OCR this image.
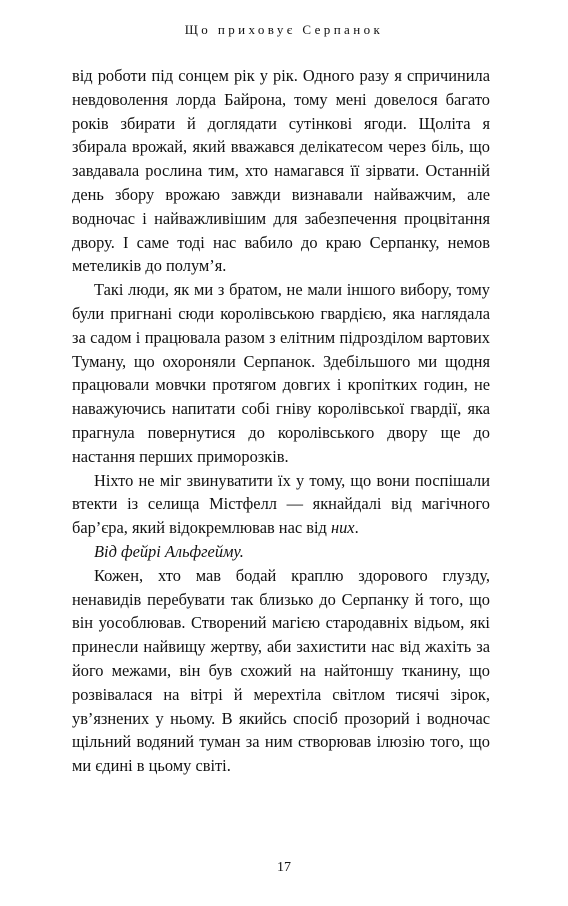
Що приховує Серпанок

від роботи під сонцем рік у рік. Одного разу я спричинила невдоволення лорда Байрона, тому мені довелося багато років збирати й доглядати сутінкові ягоди. Щоліта я збирала врожай, який вважався делікатесом через біль, що завдавала рослина тим, хто намагався її зірвати. Останній день збору врожаю завжди визнавали найважчим, але водночас і найважливішим для забезпечення процвітання двору. І саме тоді нас вабило до краю Серпанку, немов метеликів до полум’я.

Такі люди, як ми з братом, не мали іншого вибору, тому були пригнані сюди королівською гвардією, яка наглядала за садом і працювала разом з елітним підрозділом вартових Туману, що охороняли Серпанок. Здебільшого ми щодня працювали мовчки протягом довгих і кропітких годин, не наважуючись напитати собі гніву королівської гвардії, яка прагнула повернутися до королівського двору ще до настання перших приморозків.

Ніхто не міг звинуватити їх у тому, що вони поспішали втекти із селища Містфелл — якнайдалі від магічного бар’єра, який відокремлював нас від них.

Від фейрі Альфгейму.

Кожен, хто мав бодай краплю здорового глузду, ненавидів перебувати так близько до Серпанку й того, що він уособлював. Створений магією стародавніх відьом, які принесли найвищу жертву, аби захистити нас від жахіть за його межами, він був схожий на найтоншу тканину, що розвівалася на вітрі й мерехтіла світлом тисячі зірок, ув’язнених у ньому. В якийсь спосіб прозорий і водночас щільний водяний туман за ним створював ілюзію того, що ми єдині в цьому світі.

17
